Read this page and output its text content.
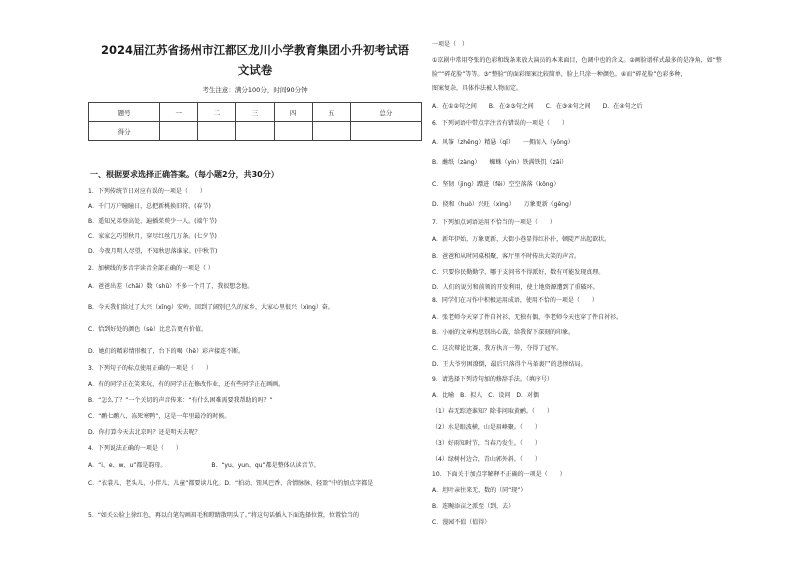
2024届江苏省扬州市江都区龙川小学教育集团小升初考试语
文试卷
考生注意：满分100分，时间90分钟
题号	一	二	三	四	五	总分
得分						
一、根据要求选择正确答案。（每小题2分，共30分）
1．下列传统节日对应有误的一项是（　　）
A．千门万户瞳瞳日，总把新桃换旧符。(春节)
B．遥知兄弟登高处，遍插茱萸少一人。(端午节)
C．家家乞巧望秋月，穿尽红丝几万条。(七夕节)
D．今夜月明人尽望，不知秋思落谁家。(中秋节)
2．加横线的多音字读音全部正确的一项是（ ）
A．爸爸出差（chāi）数（shǔ）不多一个月了，我很想念他。
B．今天我们给过了大兴（xīng）安岭，回到了阔别已久的家乡，大家心里很兴（xìng）奋。
C．恰到好处的颜色（sè）比忠告更有价值。
D．她们的精彩情形极了，台下的喝（hē）彩声接连不断。
3．下列句子的标点使用正确的一项是（　　）
A．有的同学正在笑来玩，有的同学正在修改作业，还有些同学正在画画。
B．“怎么了？”一个关切的声音传来：“有什么困难需要我帮助的吗？”
C．“鹬七鹬八，冻死寒鸭”，这是一年里最冷的时候。
D．你打算今天去北京吗？还是明天去呢？
4．下列说法正确的一项是（　　）
A．“i、e、w、u”都是韵母。　　　　　　　　B．“yu、yun、qu”都是整体认读音节。
C．“衣裳儿、老头儿、小伴儿、儿童”都要读儿化。D．“拍动、钮风巴香、含情脉脉、轻盈”中的加点字都是
5．“如关公脸上徐红色，再以白笔勾画眉毛和瞪睛散明头了。”将这句话插入下面选择位置，位置恰当的
一项是（　）
①京剧中常用夸张的色彩和线条来放大演员的本来面目，色调中也的含义。②画脸谱样式最多的是净角，如“整
脸”“碎花脸”等等。③“整脸”的面彩图案比较简单，脸上只涂一种颜色。④而“碎花脸”色彩多种，
图案复杂，具体作法被人物而定。
A．在①②句之间　　B．在②③句之间　　C．在③④句之间　　D．在④句之后
6．下列词语中带点字注音有错误的一项是（　　）
A．风筝（zhēng）精悬（qī）　　一拥而入（yōng）
B．蘸纸（zàng）　　蜘蛛（yín）铁满铁饥（zāi）
C．坚韧（jìng）蹭进（fěi）空空落落（kōng）
D．挠和（huò）兴旺（xìng）　　万象更新（gēng）
7．下列加点词语运用不恰当的一项是（　　）
A．新年伊始，万象更新，大街小巷显得红扑扑，顿陡严出起欲状。
B．爸爸和从时同桌相聚，客厅里不时传出大笑的声音。
C．只要你民勤勤学，哪于支问书不得派好，数有可能发现真理。
D．人们的说另和前领的开发利用，使土地资源遭到了重破坏。
8．同学们在习作中积极运用成语，使用不恰的一项是（　　）
A．张老师今天穿了件自衬衫，无独有偶，李老师今天也穿了件自衬衫。
B．小丽的文章构思别出心裁，给我留下深刻的印象。
C．这次辩论比赛，我方执言一筹，夺得了冠军。
D．王大爷穷困潦倒，最后只落得个马革裹尸的悲惨结局。
9．请选择下列诗句加的修辞手法。（填序号）
A．比喻　B．拟人　C．设问　D．对偶
（1）春无踪迹谁知？除非问取黄鹂。（　　）
（2）水是眼波横，山是眉峰聚。（　　）
（3）好雨知时节，当春乃发生。（　　）
（4）绿树村边合，青山郭外斜。（　　）
10．下面关于加点字解释不正确的一项是（　　）
A．坦叶亲往来无，数的（同“现”）
B．连畹添亩之派至（到，去）
C．漫园不值（值得）
